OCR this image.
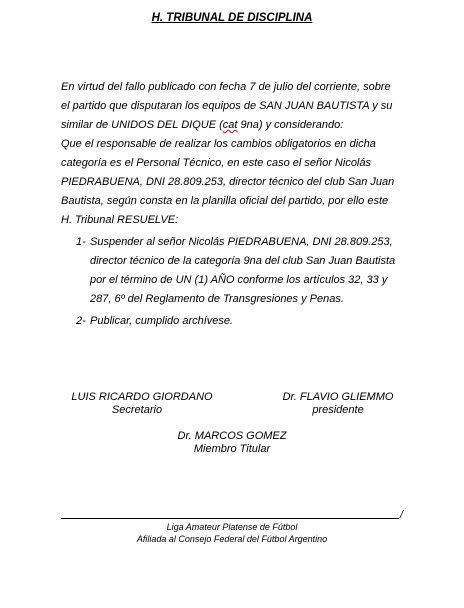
H. TRIBUNAL DE DISCIPLINA
En virtud del fallo publicado con fecha 7 de julio del corriente, sobre
el partido que disputaran los equipos de SAN JUAN BAUTISTA y su
similar de UNIDOS DEL DIQUE (cat 9na) y considerando:
Que el responsable de realizar los cambios obligatorios en dicha
categoría es el Personal Técnico, en este caso el señor Nicolás
PIEDRABUENA, DNI 28.809.253, director técnico del club San Juan
Bautista, según consta en la planilla oficial del partido, por ello este
H. Tribunal RESUELVE:
1- Suspender al señor Nicolás PIEDRABUENA, DNI 28.809.253,
director técnico de la categoría 9na del club San Juan Bautista
por el término de UN (1) AÑO conforme los artículos 32, 33 y
287, 6º del Reglamento de Transgresiones y Penas.
2- Publicar, cumplido archívese.
LUIS RICARDO GIORDANO
Secretario
Dr. FLAVIO GLIEMMO
presidente
Dr. MARCOS GOMEZ
Miembro Titular
/
Liga Amateur Platense de Fútbol
Afiliada al Consejo Federal del Fútbol Argentino
